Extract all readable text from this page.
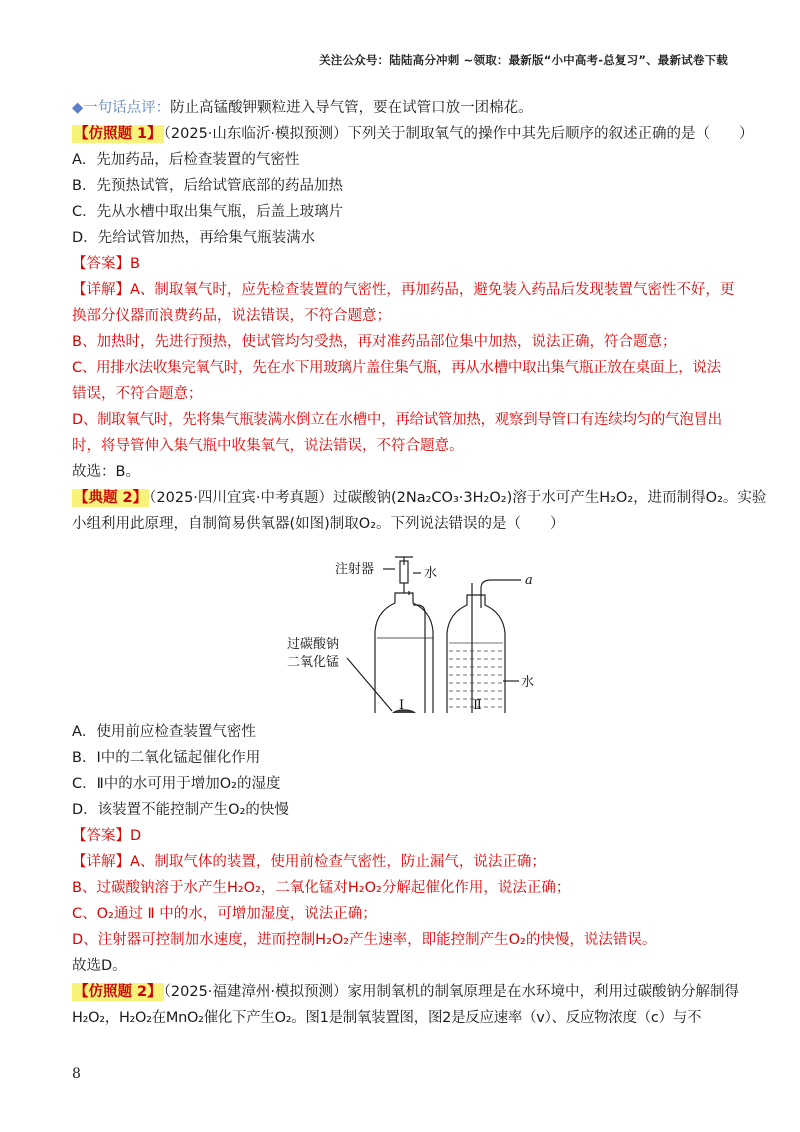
关注公众号：陆陆高分冲刺 ~领取：最新版“小中高考-总复习”、最新试卷下载
◆一句话点评：防止高锰酸钾颗粒进入导气管，要在试管口放一团棉花。
【仿照题 1】 （2025·山东临沂·模拟预测）下列关于制取氧气的操作中其先后顺序的叙述正确的是（　　）
A．先加药品，后检查装置的气密性
B．先预热试管，后给试管底部的药品加热
C．先从水槽中取出集气瓶，后盖上玻璃片
D．先给试管加热，再给集气瓶装满水
【答案】B
【详解】A、制取氧气时，应先检查装置的气密性，再加药品，避免装入药品后发现装置气密性不好，更
换部分仪器而浪费药品，说法错误，不符合题意；
B、加热时，先进行预热，使试管均匀受热，再对准药品部位集中加热，说法正确，符合题意；
C、用排水法收集完氧气时，先在水下用玻璃片盖住集气瓶，再从水槽中取出集气瓶正放在桌面上，说法
错误，不符合题意；
D、制取氧气时，先将集气瓶装满水倒立在水槽中，再给试管加热，观察到导管口有连续均匀的气泡冒出
时，将导管伸入集气瓶中收集氧气，说法错误，不符合题意。
故选：B。
【典题 2】 （2025·四川宜宾·中考真题）过碳酸钠(2Na₂CO₃·3H₂O₂)溶于水可产生H₂O₂，进而制得O₂。实验
小组利用此原理，自制简易供氧器(如图)制取O₂。下列说法错误的是（　　）
注射器	水	a
过碳酸钠
二氧化锰
水
Ⅰ	Ⅱ
A．使用前应检查装置气密性
B．Ⅰ中的二氧化锰起催化作用
C．Ⅱ中的水可用于增加O₂的湿度
D．该装置不能控制产生O₂的快慢
【答案】D
【详解】A、制取气体的装置，使用前检查气密性，防止漏气，说法正确；
B、过碳酸钠溶于水产生H₂O₂，二氧化锰对H₂O₂分解起催化作用，说法正确；
C、O₂通过 Ⅱ 中的水，可增加湿度，说法正确；
D、注射器可控制加水速度，进而控制H₂O₂产生速率，即能控制产生O₂的快慢，说法错误。
故选D。
【仿照题 2】 （2025·福建漳州·模拟预测）家用制氧机的制氧原理是在水环境中，利用过碳酸钠分解制得
H₂O₂，H₂O₂在MnO₂催化下产生O₂。图1是制氧装置图，图2是反应速率（v）、反应物浓度（c）与不
8
